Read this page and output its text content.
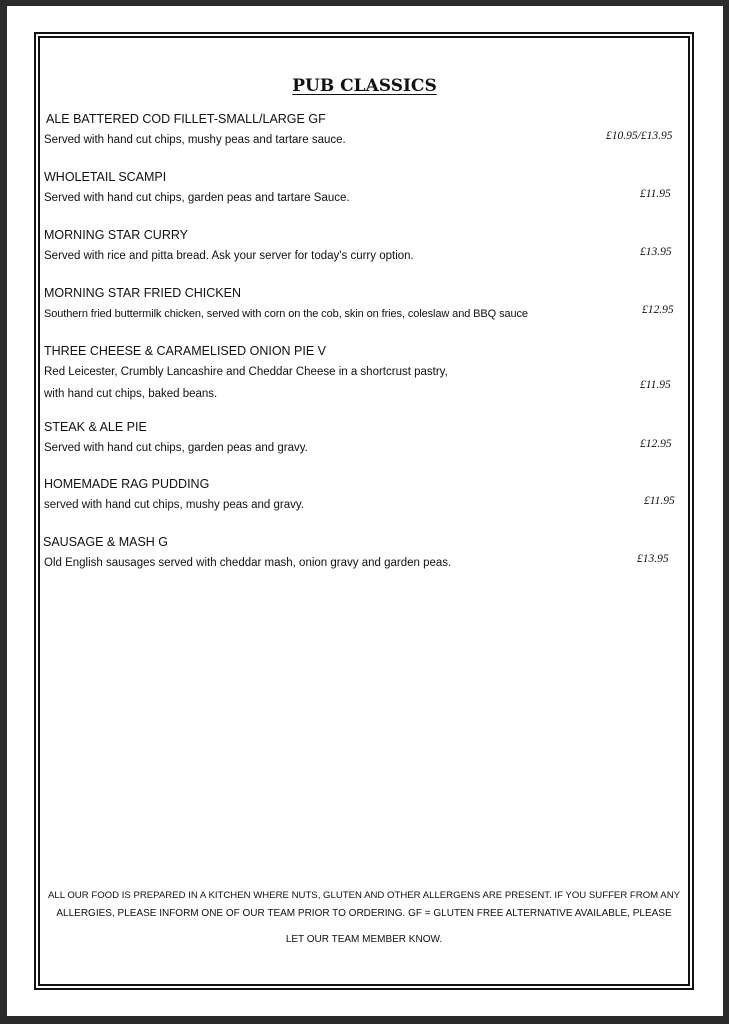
PUB CLASSICS
ALE BATTERED COD FILLET-SMALL/LARGE GF
Served with hand cut chips, mushy peas and tartare sauce.	£10.95/£13.95
WHOLETAIL SCAMPI
Served with hand cut chips, garden peas and tartare Sauce.	£11.95
MORNING STAR CURRY
Served with rice and pitta bread. Ask your server for today's curry option.	£13.95
MORNING STAR FRIED CHICKEN
Southern fried buttermilk chicken, served with corn on the cob, skin on fries, coleslaw and BBQ sauce	£12.95
THREE CHEESE & CARAMELISED ONION PIE V
Red Leicester, Crumbly Lancashire and Cheddar Cheese in a shortcrust pastry,
with hand cut chips, baked beans.
£11.95
STEAK & ALE PIE
Served with hand cut chips, garden peas and gravy.	£12.95
HOMEMADE RAG PUDDING
served with hand cut chips, mushy peas and gravy.	£11.95
SAUSAGE & MASH G
Old English sausages served with cheddar mash, onion gravy and garden peas.	£13.95
ALL OUR FOOD IS PREPARED IN A KITCHEN WHERE NUTS, GLUTEN AND OTHER ALLERGENS ARE PRESENT. IF YOU SUFFER FROM ANY
ALLERGIES, PLEASE INFORM ONE OF OUR TEAM PRIOR TO ORDERING. GF = GLUTEN FREE ALTERNATIVE AVAILABLE, PLEASE
LET OUR TEAM MEMBER KNOW.
